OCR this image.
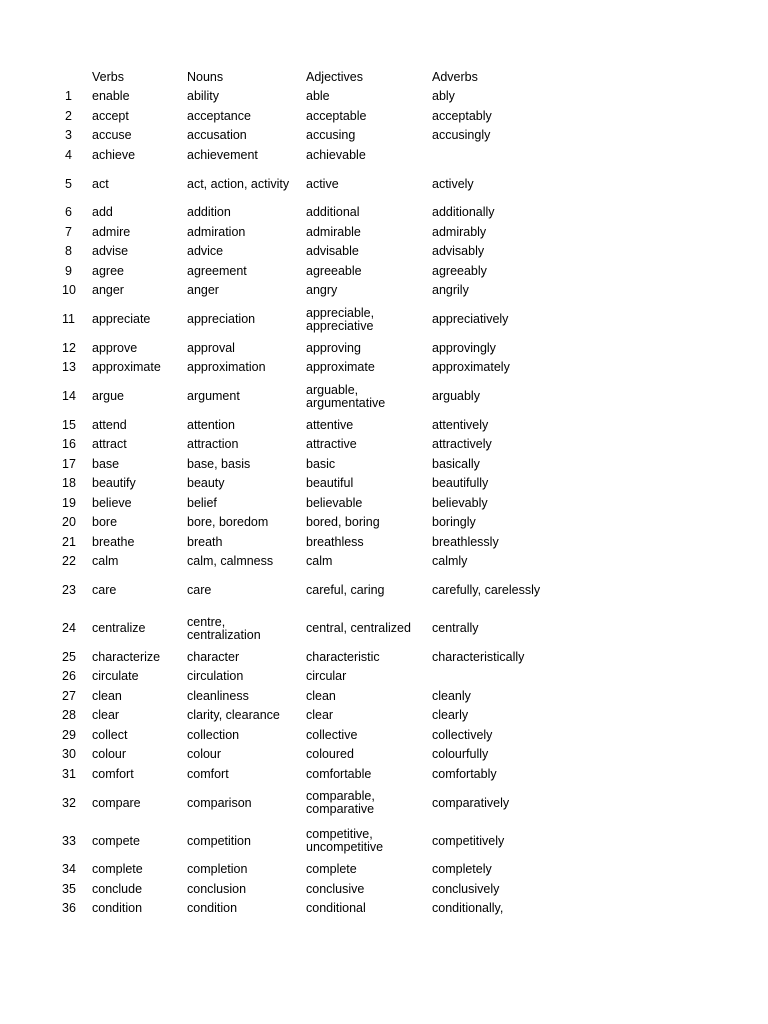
	Verbs	Nouns	Adjectives	Adverbs
1	enable	ability	able	ably
2	accept	acceptance	acceptable	acceptably
3	accuse	accusation	accusing	accusingly
4	achieve	achievement	achievable	
5	act	act, action, activity	active	actively
6	add	addition	additional	additionally
7	admire	admiration	admirable	admirably
8	advise	advice	advisable	advisably
9	agree	agreement	agreeable	agreeably
10	anger	anger	angry	angrily
11	appreciate	appreciation	appreciable,
appreciative	appreciatively
12	approve	approval	approving	approvingly
13	approximate	approximation	approximate	approximately
14	argue	argument	arguable,
argumentative	arguably
15	attend	attention	attentive	attentively
16	attract	attraction	attractive	attractively
17	base	base, basis	basic	basically
18	beautify	beauty	beautiful	beautifully
19	believe	belief	believable	believably
20	bore	bore, boredom	bored, boring	boringly
21	breathe	breath	breathless	breathlessly
22	calm	calm, calmness	calm	calmly
23	care	care	careful, caring	carefully, carelessly
24	centralize	centre,
centralization	central, centralized	centrally
25	characterize	character	characteristic	characteristically
26	circulate	circulation	circular	
27	clean	cleanliness	clean	cleanly
28	clear	clarity, clearance	clear	clearly
29	collect	collection	collective	collectively
30	colour	colour	coloured	colourfully
31	comfort	comfort	comfortable	comfortably
32	compare	comparison	comparable,
comparative	comparatively
33	compete	competition	competitive,
uncompetitive	competitively
34	complete	completion	complete	completely
35	conclude	conclusion	conclusive	conclusively
36	condition	condition	conditional	conditionally,
